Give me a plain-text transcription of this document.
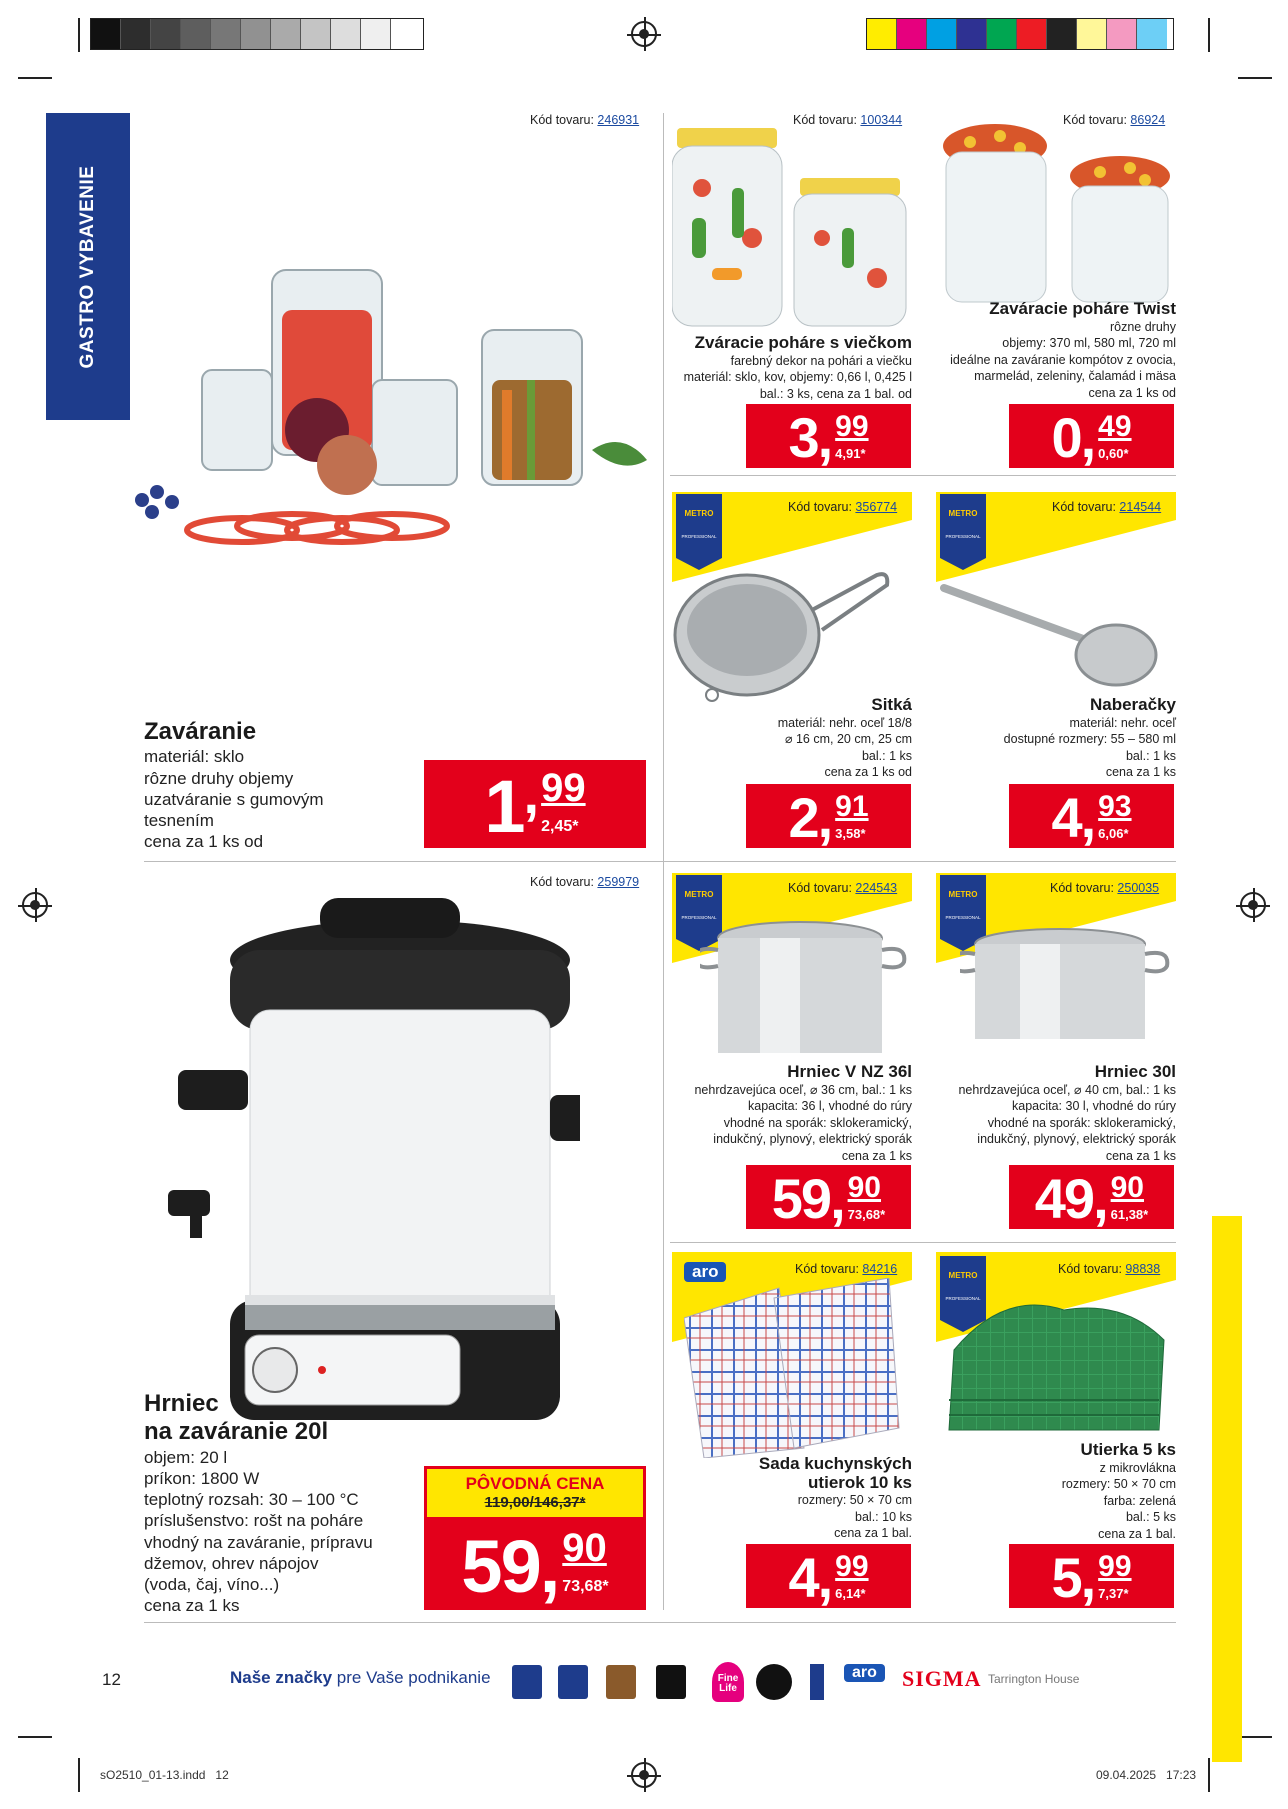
GASTRO VYBAVENIE
Kód tovaru: 246931
Zaváranie
materiál: sklo
rôzne druhy objemy
uzatváranie s gumovým
tesnením
cena za 1 ks od	1 , 99
2,45*
Kód tovaru: 100344
Zváracie poháre s viečkom
farebný dekor na pohári a viečku
materiál: sklo, kov, objemy: 0,66 l, 0,425 l
bal.: 3 ks, cena za 1 bal. od
3 , 99
4,91*
Kód tovaru: 86924
Zaváracie poháre Twist
rôzne druhy
objemy: 370 ml, 580 ml, 720 ml
ideálne na zaváranie kompótov z ovocia,
marmelád, zeleniny, čalamád i mäsa
cena za 1 ks od
0 , 49
0,60*
METRO
PROFESSIONAL
Kód tovaru: 356774
Sitká
materiál: nehr. oceľ 18/8
⌀ 16 cm, 20 cm, 25 cm
bal.: 1 ks
cena za 1 ks od
2 , 91
3,58*
METRO
PROFESSIONAL
Kód tovaru: 214544
Naberačky
materiál: nehr. oceľ
dostupné rozmery: 55 – 580 ml
bal.: 1 ks
cena za 1 ks
4 , 93
6,06*
Kód tovaru: 259979
Hrniec
na zaváranie 20l
objem: 20 l
príkon: 1800 W
teplotný rozsah: 30 – 100 °C
príslušenstvo: rošt na poháre
vhodný na zaváranie, prípravu
džemov, ohrev nápojov
(voda, čaj, víno...)
cena za 1 ks
PÔVODNÁ CENA
119,00/146,37*
59 , 90
73,68*
METRO
PROFESSIONAL
Kód tovaru: 224543
Hrniec V NZ 36l
nehrdzavejúca oceľ, ⌀ 36 cm, bal.: 1 ks
kapacita: 36 l, vhodné do rúry
vhodné na sporák: sklokeramický,
indukčný, plynový, elektrický sporák
cena za 1 ks
59 , 90
73,68*
METRO
PROFESSIONAL
Kód tovaru: 250035
Hrniec 30l
nehrdzavejúca oceľ, ⌀ 40 cm, bal.: 1 ks
kapacita: 30 l, vhodné do rúry
vhodné na sporák: sklokeramický,
indukčný, plynový, elektrický sporák
cena za 1 ks
49 , 90
61,38*
aro	Kód tovaru: 84216
Sada kuchynských
utierok 10 ks
rozmery: 50 × 70 cm
bal.: 10 ks
cena za 1 bal.
4 , 99
6,14*
METRO
PROFESSIONAL
Kód tovaru: 98838
Utierka 5 ks
z mikrovlákna
rozmery: 50 × 70 cm
farba: zelená
bal.: 5 ks
cena za 1 bal.
5 , 99
7,37*
12	Naše značky pre Vaše podnikanie	Fine Life
aro	SIGMA Tarrington House
sO2510_01-13.indd   12	09.04.2025   17:23
